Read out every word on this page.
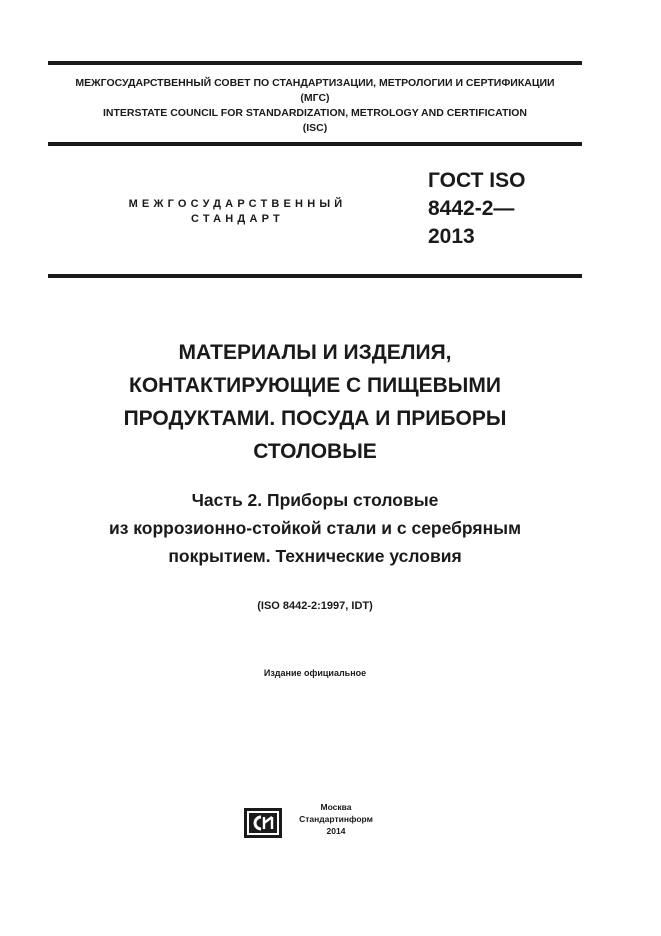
МЕЖГОСУДАРСТВЕННЫЙ СОВЕТ ПО СТАНДАРТИЗАЦИИ, МЕТРОЛОГИИ И СЕРТИФИКАЦИИ
(МГС)
INTERSTATE COUNCIL FOR STANDARDIZATION, METROLOGY AND CERTIFICATION
(ISC)
МЕЖГОСУДАРСТВЕННЫЙ
СТАНДАРТ
ГОСТ ISO
8442-2—
2013
МАТЕРИАЛЫ И ИЗДЕЛИЯ,
КОНТАКТИРУЮЩИЕ С ПИЩЕВЫМИ
ПРОДУКТАМИ. ПОСУДА И ПРИБОРЫ
СТОЛОВЫЕ
Часть 2. Приборы столовые
из коррозионно-стойкой стали и с серебряным
покрытием. Технические условия
(ISO 8442-2:1997, IDT)
Издание официальное
Москва
Стандартинформ
2014
